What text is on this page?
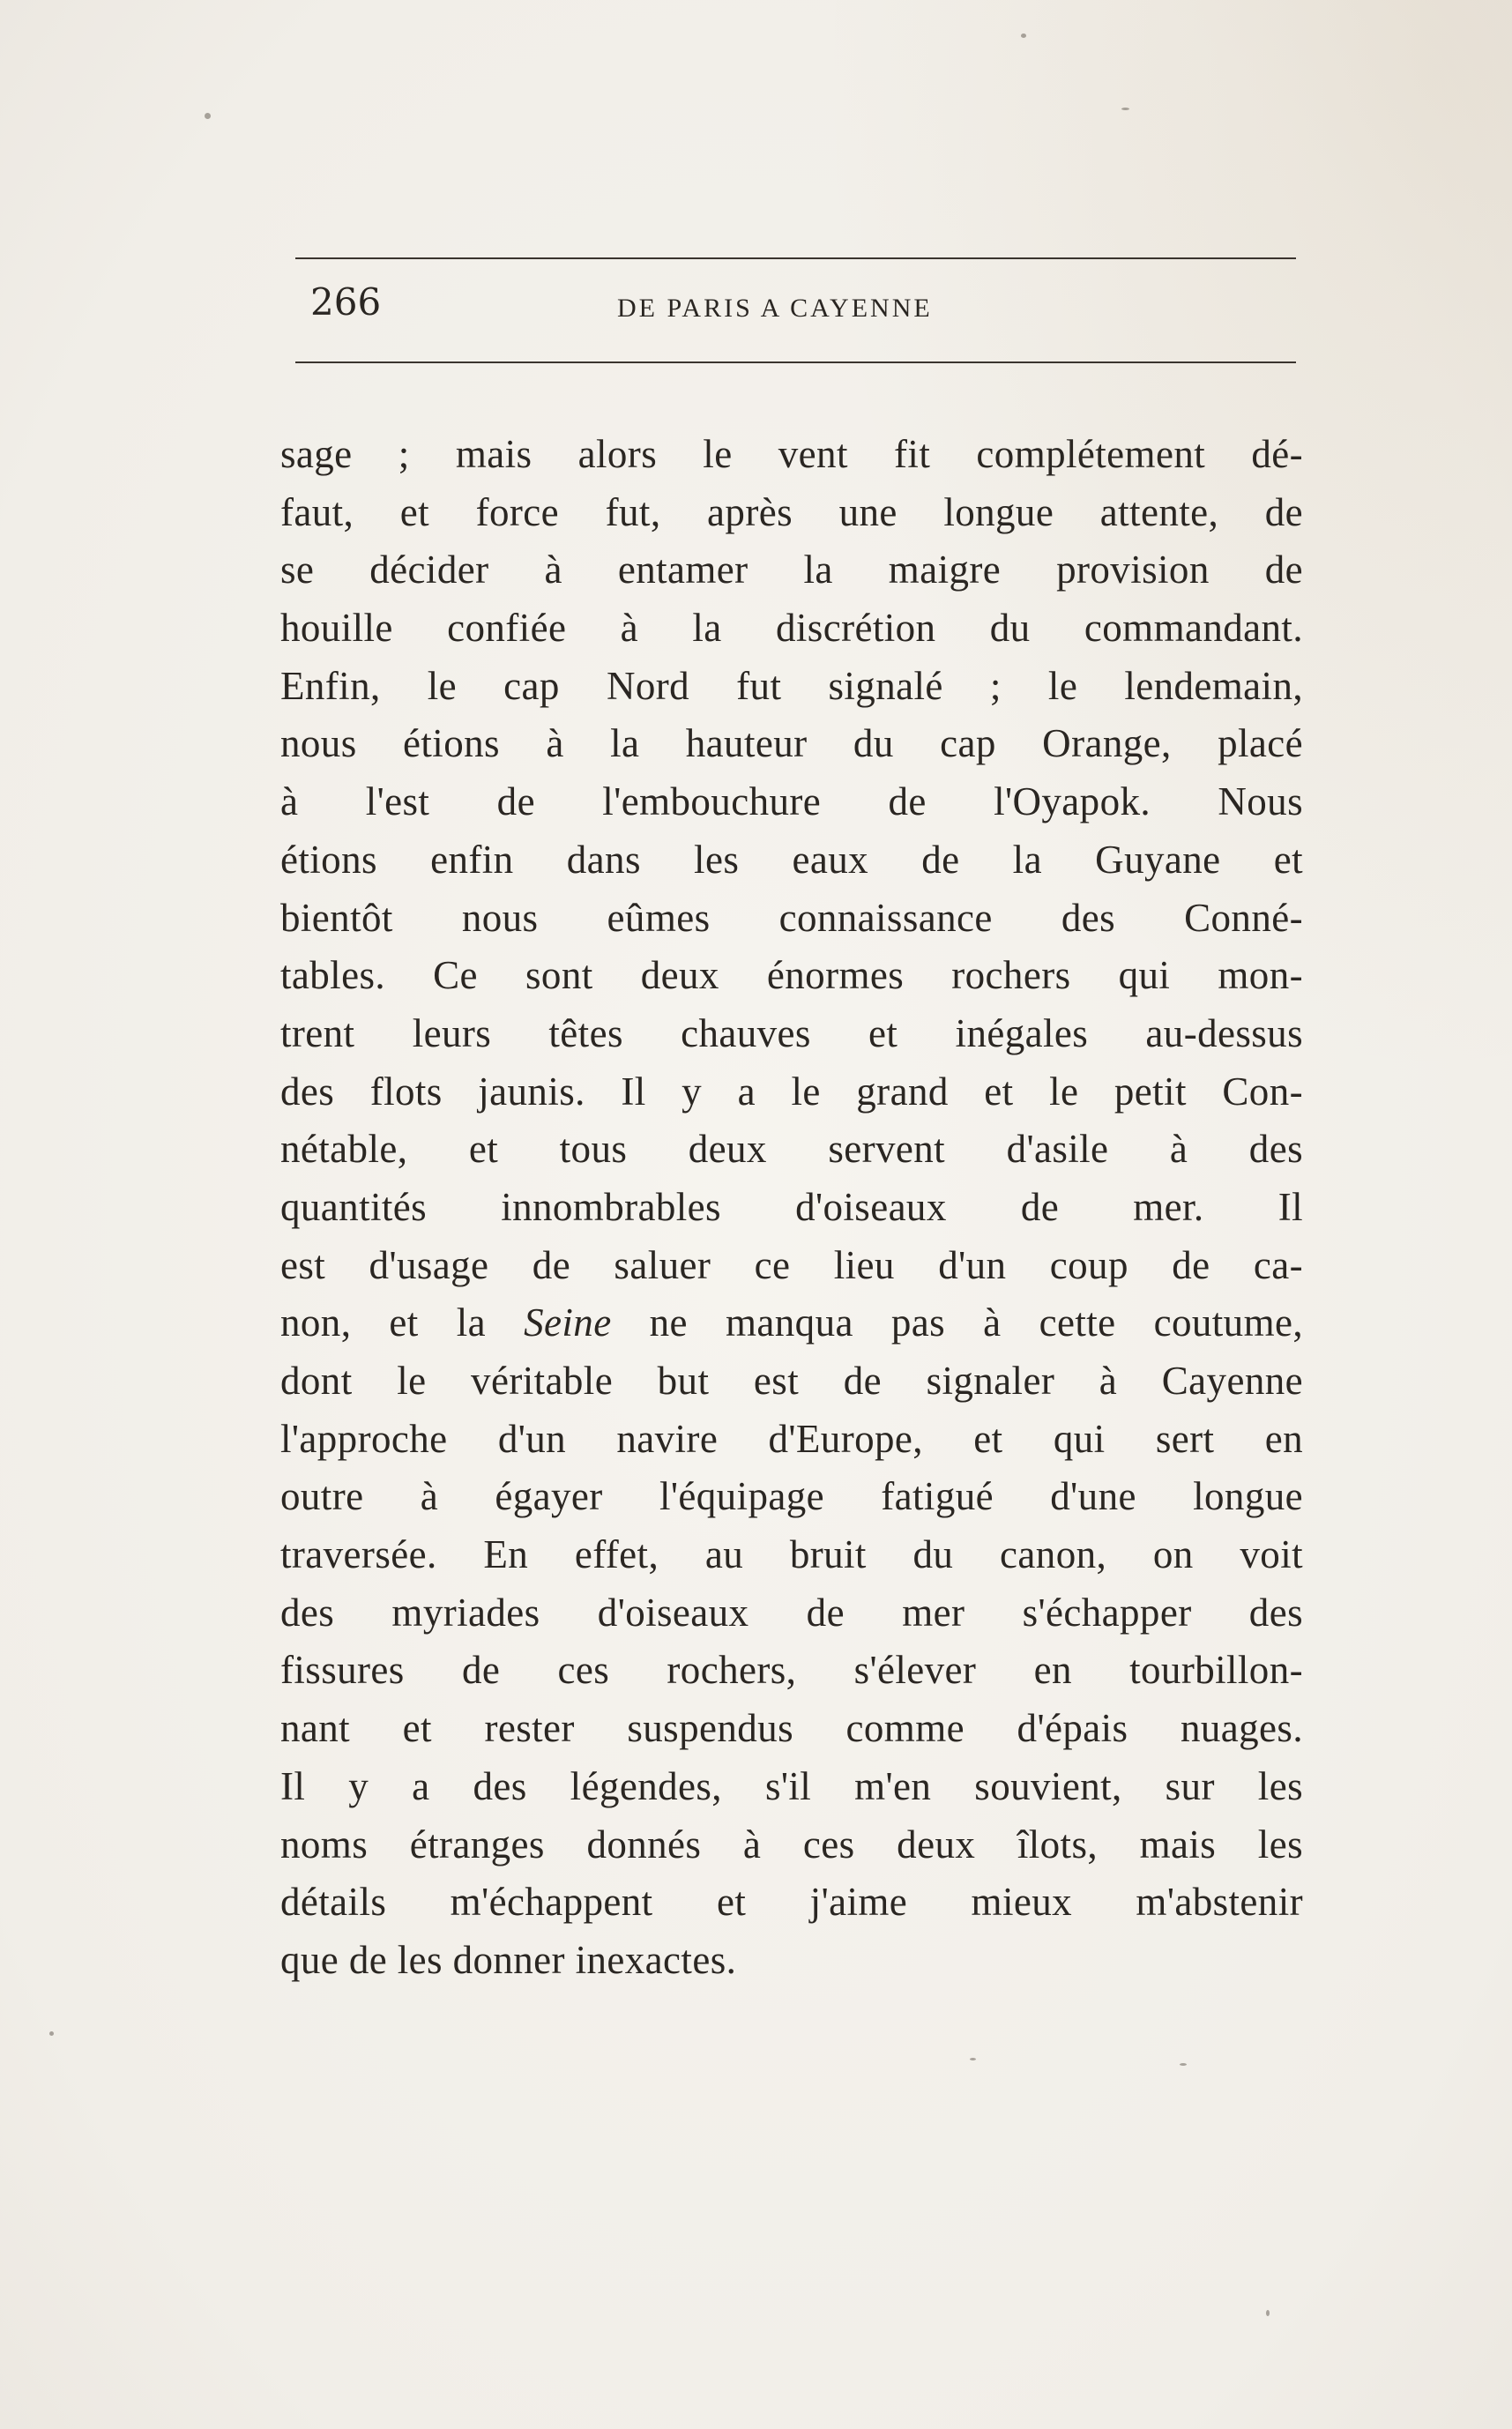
266	DE PARIS A CAYENNE
sage ; mais alors le vent fit complétement dé-
faut, et force fut, après une longue attente, de
se décider à entamer la maigre provision de
houille confiée à la discrétion du commandant.
Enfin, le cap Nord fut signalé ; le lendemain,
nous étions à la hauteur du cap Orange, placé
à l'est de l'embouchure de l'Oyapok. Nous
étions enfin dans les eaux de la Guyane et
bientôt nous eûmes connaissance des Conné-
tables. Ce sont deux énormes rochers qui mon-
trent leurs têtes chauves et inégales au-dessus
des flots jaunis. Il y a le grand et le petit Con-
nétable, et tous deux servent d'asile à des
quantités innombrables d'oiseaux de mer. Il
est d'usage de saluer ce lieu d'un coup de ca-
non, et la Seine ne manqua pas à cette coutume,
dont le véritable but est de signaler à Cayenne
l'approche d'un navire d'Europe, et qui sert en
outre à égayer l'équipage fatigué d'une longue
traversée. En effet, au bruit du canon, on voit
des myriades d'oiseaux de mer s'échapper des
fissures de ces rochers, s'élever en tourbillon-
nant et rester suspendus comme d'épais nuages.
Il y a des légendes, s'il m'en souvient, sur les
noms étranges donnés à ces deux îlots, mais les
détails m'échappent et j'aime mieux m'abstenir
que de les donner inexactes.
